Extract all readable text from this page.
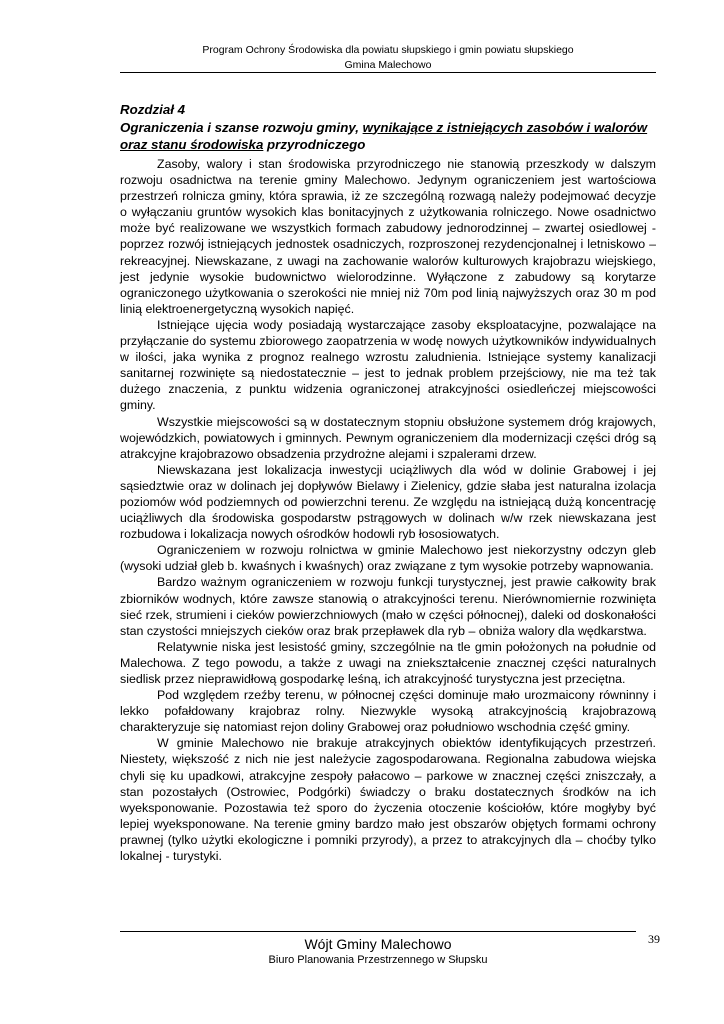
Program Ochrony Środowiska dla powiatu słupskiego i gmin powiatu słupskiego
Gmina Malechowo
Rozdział 4
Ograniczenia i szanse rozwoju gminy, wynikające z istniejących zasobów i walorów oraz stanu środowiska przyrodniczego

Zasoby, walory i stan środowiska przyrodniczego nie stanowią przeszkody w dalszym rozwoju osadnictwa na terenie gminy Malechowo. Jedynym ograniczeniem jest wartościowa przestrzeń rolnicza gminy, która sprawia, iż ze szczególną rozwagą należy podejmować decyzje o wyłączaniu gruntów wysokich klas bonitacyjnych z użytkowania rolniczego. Nowe osadnictwo może być realizowane we wszystkich formach zabudowy jednorodzinnej – zwartej osiedlowej - poprzez rozwój istniejących jednostek osadniczych, rozproszonej rezydencjonalnej i letniskowo – rekreacyjnej. Niewskazane, z uwagi na zachowanie walorów kulturowych krajobrazu wiejskiego, jest jedynie wysokie budownictwo wielorodzinne. Wyłączone z zabudowy są korytarze ograniczonego użytkowania o szerokości nie mniej niż 70m pod linią najwyższych oraz 30 m pod linią elektroenergetyczną wysokich napięć.

Istniejące ujęcia wody posiadają wystarczające zasoby eksploatacyjne, pozwalające na przyłączanie do systemu zbiorowego zaopatrzenia w wodę nowych użytkowników indywidualnych w ilości, jaka wynika z prognoz realnego wzrostu zaludnienia. Istniejące systemy kanalizacji sanitarnej rozwinięte są niedostatecznie – jest to jednak problem przejściowy, nie ma też tak dużego znaczenia, z punktu widzenia ograniczonej atrakcyjności osiedleńczej miejscowości gminy.

Wszystkie miejscowości są w dostatecznym stopniu obsłużone systemem dróg krajowych, wojewódzkich, powiatowych i gminnych. Pewnym ograniczeniem dla modernizacji części dróg są atrakcyjne krajobrazowo obsadzenia przydrożne alejami i szpalerami drzew.

Niewskazana jest lokalizacja inwestycji uciążliwych dla wód w dolinie Grabowej i jej sąsiedztwie oraz w dolinach jej dopływów Bielawy i Zielenicy, gdzie słaba jest naturalna izolacja poziomów wód podziemnych od powierzchni terenu. Ze względu na istniejącą dużą koncentrację uciążliwych dla środowiska gospodarstw pstrągowych w dolinach w/w rzek niewskazana jest rozbudowa i lokalizacja nowych ośrodków hodowli ryb łososiowatych.

Ograniczeniem w rozwoju rolnictwa w gminie Malechowo jest niekorzystny odczyn gleb (wysoki udział gleb b. kwaśnych i kwaśnych) oraz związane z tym wysokie potrzeby wapnowania.

Bardzo ważnym ograniczeniem w rozwoju funkcji turystycznej, jest prawie całkowity brak zbiorników wodnych, które zawsze stanowią o atrakcyjności terenu. Nierównomiernie rozwinięta sieć rzek, strumieni i cieków powierzchniowych (mało w części północnej), daleki od doskonałości stan czystości mniejszych cieków oraz brak przepławek dla ryb – obniża walory dla wędkarstwa.

Relatywnie niska jest lesistość gminy, szczególnie na tle gmin położonych na południe od Malechowa. Z tego powodu, a także z uwagi na zniekształcenie znacznej części naturalnych siedlisk przez nieprawidłową gospodarkę leśną, ich atrakcyjność turystyczna jest przeciętna.

Pod względem rzeźby terenu, w północnej części dominuje mało urozmaicony równinny i lekko pofałdowany krajobraz rolny. Niezwykle wysoką atrakcyjnością krajobrazową charakteryzuje się natomiast rejon doliny Grabowej oraz południowo wschodnia część gminy.

W gminie Malechowo nie brakuje atrakcyjnych obiektów identyfikujących przestrzeń. Niestety, większość z nich nie jest należycie zagospodarowana. Regionalna zabudowa wiejska chyli się ku upadkowi, atrakcyjne zespoły pałacowo – parkowe w znacznej części zniszczały, a stan pozostałych (Ostrowiec, Podgórki) świadczy o braku dostatecznych środków na ich wyeksponowanie. Pozostawia też sporo do życzenia otoczenie kościołów, które mogłyby być lepiej wyeksponowane. Na terenie gminy bardzo mało jest obszarów objętych formami ochrony prawnej (tylko użytki ekologiczne i pomniki przyrody), a przez to atrakcyjnych dla – choćby tylko lokalnej - turystyki.

39
Wójt Gminy Malechowo
Biuro Planowania Przestrzennego w Słupsku
